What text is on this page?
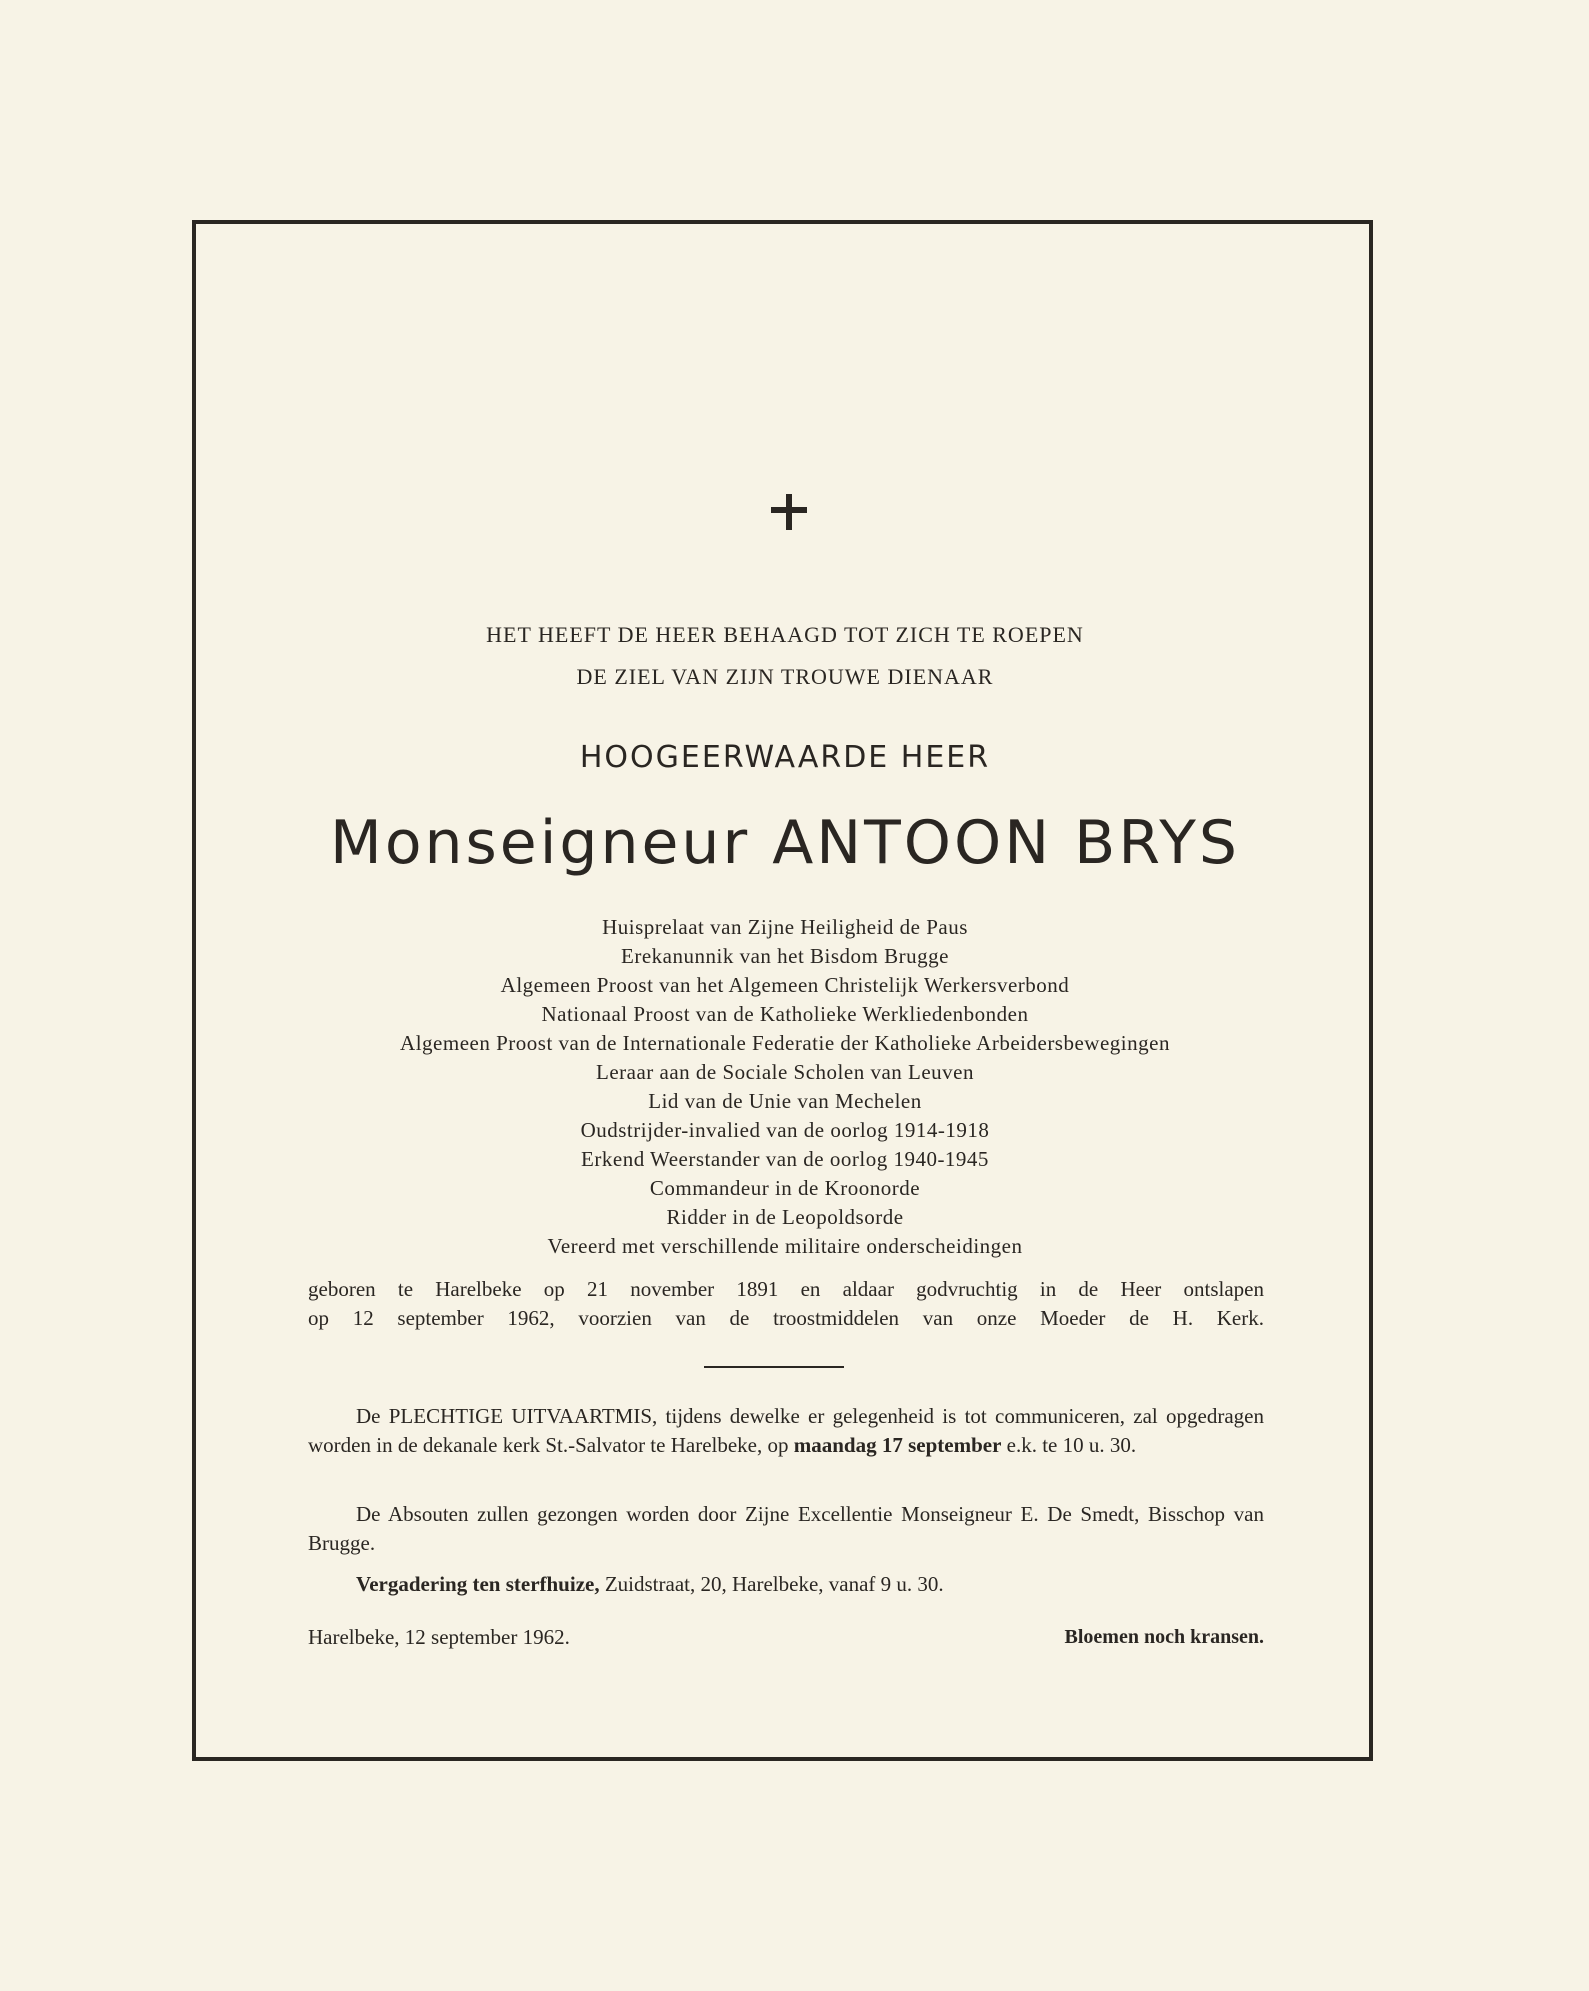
HET HEEFT DE HEER BEHAAGD TOT ZICH TE ROEPEN
DE ZIEL VAN ZIJN TROUWE DIENAAR
HOOGEERWAARDE HEER
Monseigneur ANTOON BRYS
Huisprelaat van Zijne Heiligheid de Paus
Erekanunnik van het Bisdom Brugge
Algemeen Proost van het Algemeen Christelijk Werkersverbond
Nationaal Proost van de Katholieke Werkliedenbonden
Algemeen Proost van de Internationale Federatie der Katholieke Arbeidersbewegingen
Leraar aan de Sociale Scholen van Leuven
Lid van de Unie van Mechelen
Oudstrijder-invalied van de oorlog 1914-1918
Erkend Weerstander van de oorlog 1940-1945
Commandeur in de Kroonorde
Ridder in de Leopoldsorde
Vereerd met verschillende militaire onderscheidingen
geboren te Harelbeke op 21 november 1891 en aldaar godvruchtig in de Heer ontslapen
op 12 september 1962, voorzien van de troostmiddelen van onze Moeder de H. Kerk.
De PLECHTIGE UITVAARTMIS, tijdens dewelke er gelegenheid is tot communiceren, zal opgedragen worden in de dekanale kerk St.-Salvator te Harelbeke, op maandag 17 september e.k. te 10 u. 30.
De Absouten zullen gezongen worden door Zijne Excellentie Monseigneur E. De Smedt, Bisschop van Brugge.
Vergadering ten sterfhuize, Zuidstraat, 20, Harelbeke, vanaf 9 u. 30.
Harelbeke, 12 september 1962.	Bloemen noch kransen.
